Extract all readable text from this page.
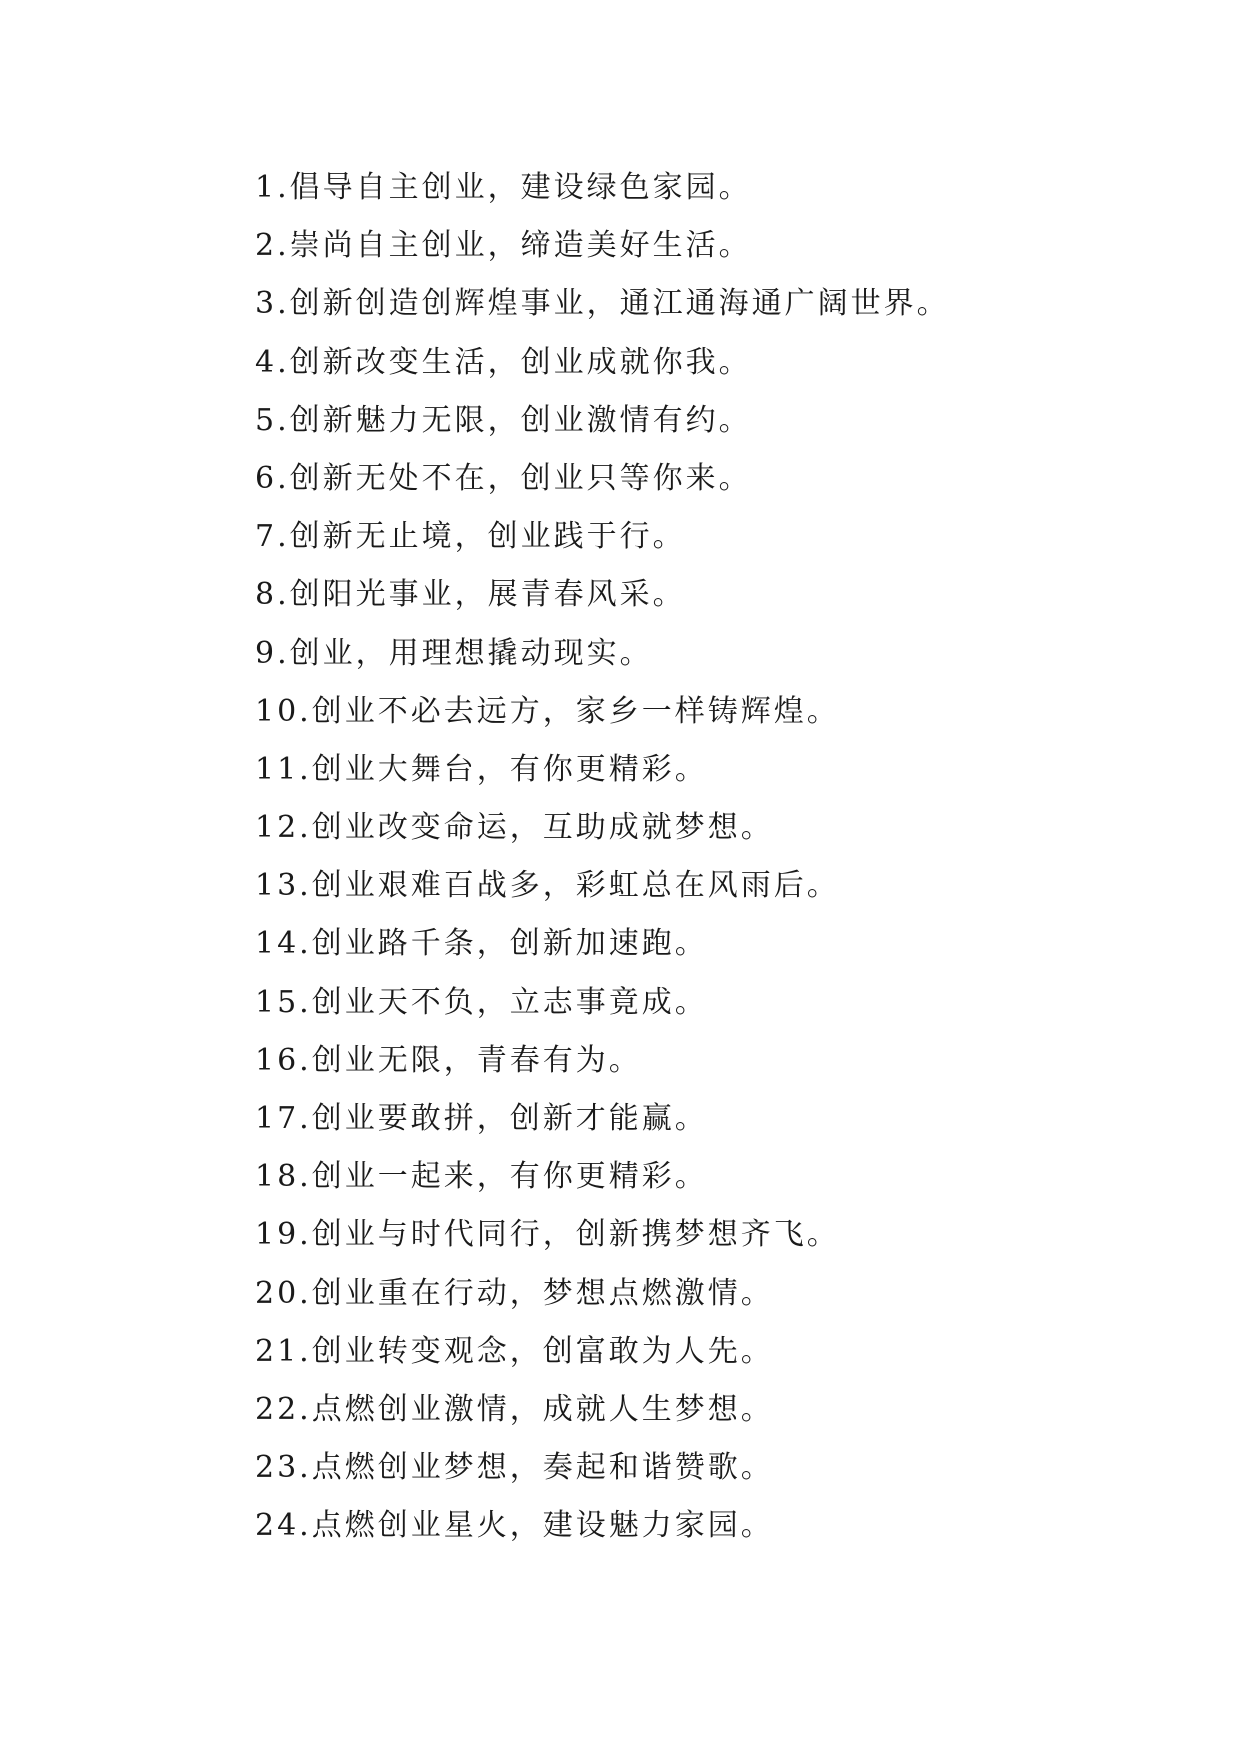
1.倡导自主创业，建设绿色家园。
2.崇尚自主创业，缔造美好生活。
3.创新创造创辉煌事业，通江通海通广阔世界。
4.创新改变生活，创业成就你我。
5.创新魅力无限，创业激情有约。
6.创新无处不在，创业只等你来。
7.创新无止境，创业践于行。
8.创阳光事业，展青春风采。
9.创业，用理想撬动现实。
10.创业不必去远方，家乡一样铸辉煌。
11.创业大舞台，有你更精彩。
12.创业改变命运，互助成就梦想。
13.创业艰难百战多，彩虹总在风雨后。
14.创业路千条，创新加速跑。
15.创业天不负，立志事竟成。
16.创业无限，青春有为。
17.创业要敢拼，创新才能赢。
18.创业一起来，有你更精彩。
19.创业与时代同行，创新携梦想齐飞。
20.创业重在行动，梦想点燃激情。
21.创业转变观念，创富敢为人先。
22.点燃创业激情，成就人生梦想。
23.点燃创业梦想，奏起和谐赞歌。
24.点燃创业星火，建设魅力家园。
